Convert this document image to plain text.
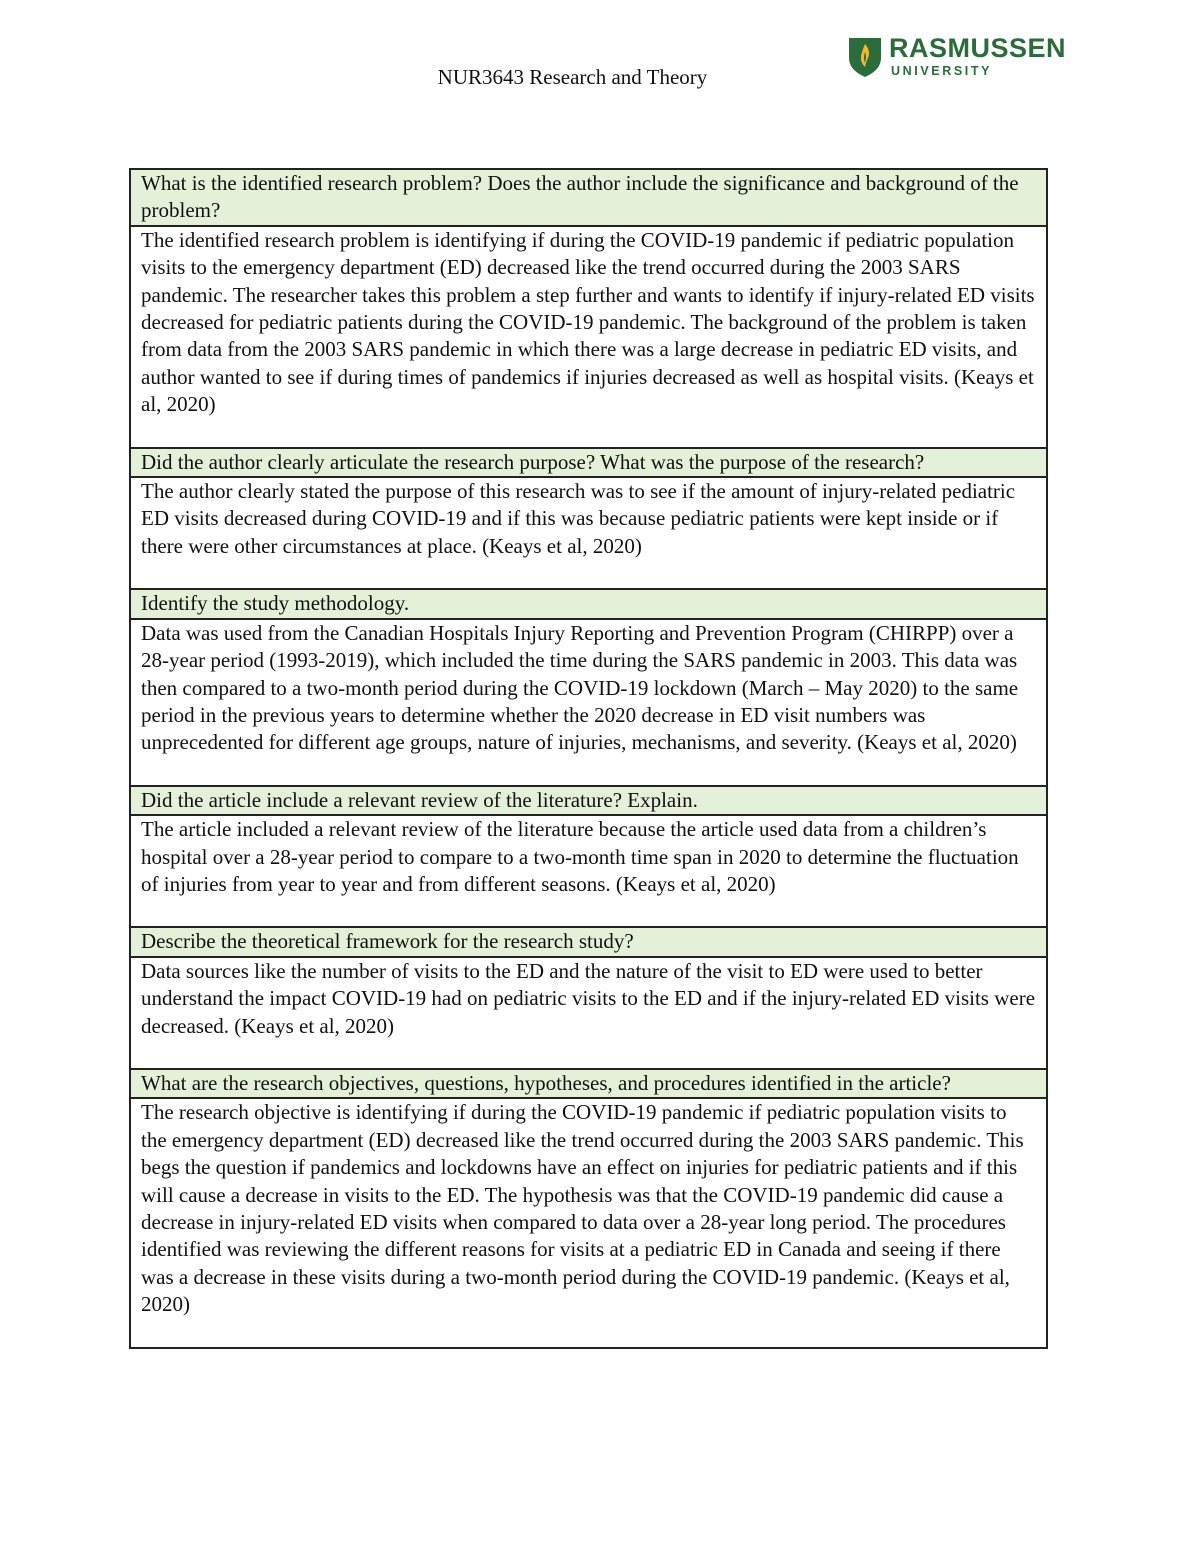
NUR3643 Research and Theory
RASMUSSEN
UNIVERSITY
What is the identified research problem? Does the author include the significance and background of the problem?
The identified research problem is identifying if during the COVID-19 pandemic if pediatric population visits to the emergency department (ED) decreased like the trend occurred during the 2003 SARS pandemic. The researcher takes this problem a step further and wants to identify if injury-related ED visits decreased for pediatric patients during the COVID-19 pandemic. The background of the problem is taken from data from the 2003 SARS pandemic in which there was a large decrease in pediatric ED visits, and author wanted to see if during times of pandemics if injuries decreased as well as hospital visits. (Keays et al, 2020)
Did the author clearly articulate the research purpose? What was the purpose of the research?
The author clearly stated the purpose of this research was to see if the amount of injury-related pediatric ED visits decreased during COVID-19 and if this was because pediatric patients were kept inside or if there were other circumstances at place. (Keays et al, 2020)
Identify the study methodology.
Data was used from the Canadian Hospitals Injury Reporting and Prevention Program (CHIRPP) over a 28-year period (1993-2019), which included the time during the SARS pandemic in 2003. This data was then compared to a two-month period during the COVID-19 lockdown (March – May 2020) to the same period in the previous years to determine whether the 2020 decrease in ED visit numbers was unprecedented for different age groups, nature of injuries, mechanisms, and severity. (Keays et al, 2020)
Did the article include a relevant review of the literature? Explain.
The article included a relevant review of the literature because the article used data from a children’s hospital over a 28-year period to compare to a two-month time span in 2020 to determine the fluctuation of injuries from year to year and from different seasons. (Keays et al, 2020)
Describe the theoretical framework for the research study?
Data sources like the number of visits to the ED and the nature of the visit to ED were used to better understand the impact COVID-19 had on pediatric visits to the ED and if the injury-related ED visits were decreased. (Keays et al, 2020)
What are the research objectives, questions, hypotheses, and procedures identified in the article?
The research objective is identifying if during the COVID-19 pandemic if pediatric population visits to the emergency department (ED) decreased like the trend occurred during the 2003 SARS pandemic. This begs the question if pandemics and lockdowns have an effect on injuries for pediatric patients and if this will cause a decrease in visits to the ED. The hypothesis was that the COVID-19 pandemic did cause a decrease in injury-related ED visits when compared to data over a 28-year long period. The procedures identified was reviewing the different reasons for visits at a pediatric ED in Canada and seeing if there was a decrease in these visits during a two-month period during the COVID-19 pandemic. (Keays et al, 2020)
